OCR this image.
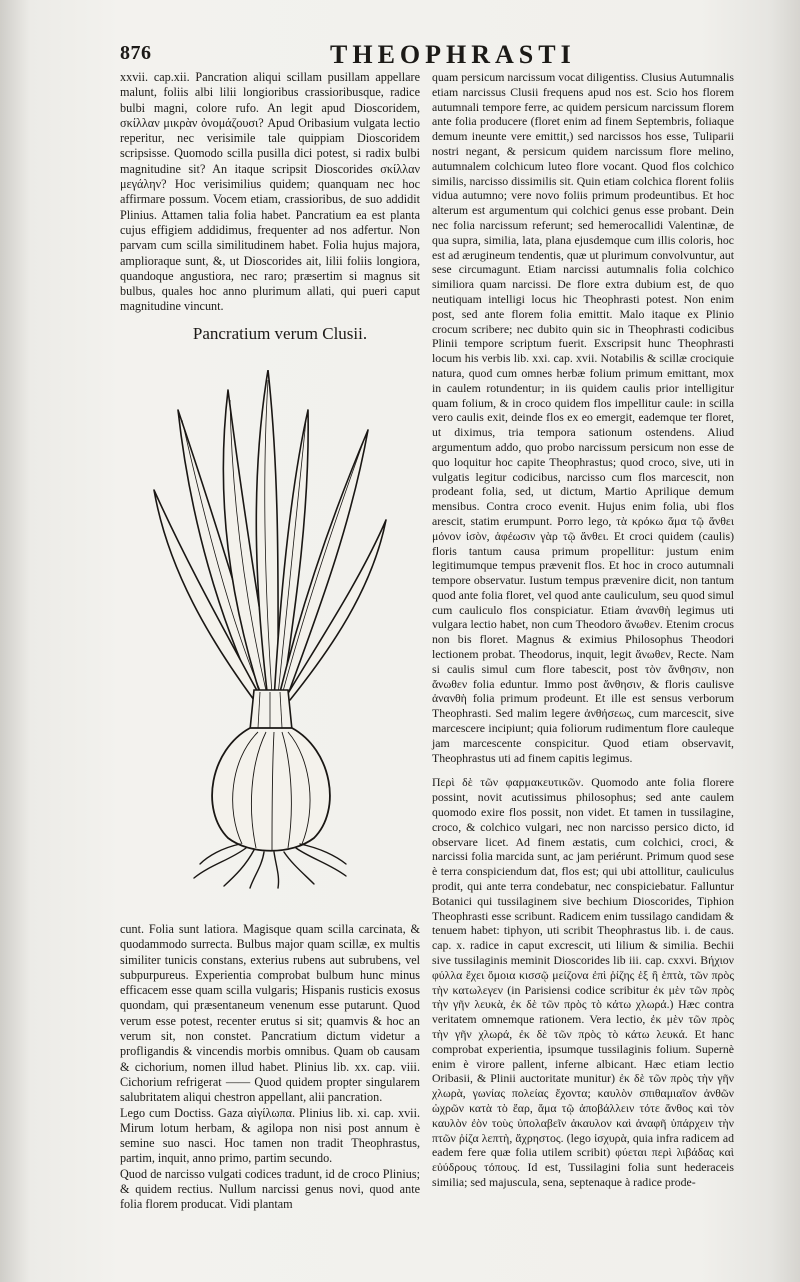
876	THEOPHRASTI

xxvii. cap.xii. Pancration aliqui scillam pusillam appellare malunt, foliis albi lilii longioribus crassioribusque, radice bulbi magni, colore rufo. An legit apud Dioscoridem, σκίλλαν μικρὰν ὀνομάζουσι? Apud Oribasium vulgata lectio reperitur, nec verisimile tale quippiam Dioscoridem scripsisse. Quomodo scilla pusilla dici potest, si radix bulbi magnitudine sit? An itaque scripsit Dioscorides σκίλλαν μεγάλην? Hoc verisimilius quidem; quanquam nec hoc affirmare possum. Vocem etiam, crassioribus, de suo addidit Plinius. Attamen talia folia habet. Pancratium ea est planta cujus effigiem addidimus, frequenter ad nos adfertur. Non parvam cum scilla similitudinem habet. Folia hujus majora, amplioraque sunt, &, ut Dioscorides ait, lilii foliis longiora, quandoque angustiora, nec raro; præsertim si magnus sit bulbus, quales hoc anno plurimum allati, qui pueri caput magnitudine vincunt.

Pancratium verum Clusii.

cunt. Folia sunt latiora. Magisque quam scilla carcinata, & quodammodo surrecta. Bulbus major quam scillæ, ex multis similiter tunicis constans, exterius rubens aut subrubens, vel subpurpureus. Experientia comprobat bulbum hunc minus efficacem esse quam scilla vulgaris; Hispanis rusticis exosus quondam, qui præsentaneum venenum esse putarunt. Quod verum esse potest, recenter erutus si sit; quamvis & hoc an verum sit, non constet. Pancratium dictum videtur a profligandis & vincendis morbis omnibus. Quam ob causam & cichorium, nomen illud habet. Plinius lib. xx. cap. viii. Cichorium refrigerat —— Quod quidem propter singularem salubritatem aliqui chestron appellant, alii pancration.
Lego cum Doctiss. Gaza αἰγίλωπα. Plinius lib. xi. cap. xvii. Mirum lotum herbam, & agilopa non nisi post annum è semine suo nasci. Hoc tamen non tradit Theophrastus, partim, inquit, anno primo, partim secundo.
Quod de narcisso vulgati codices tradunt, id de croco Plinius; & quidem rectius. Nullum narcissi genus novi, quod ante folia florem producat. Vidi plantam

quam persicum narcissum vocat diligentiss. Clusius Autumnalis etiam narcissus Clusii frequens apud nos est. Scio hos florem autumnali tempore ferre, ac quidem persicum narcissum florem ante folia producere (floret enim ad finem Septembris, foliaque demum ineunte vere emittit,) sed narcissos hos esse, Tuliparii nostri negant, & persicum quidem narcissum flore melino, autumnalem colchicum luteo flore vocant. Quod flos colchico similis, narcisso dissimilis sit. Quin etiam colchica florent foliis vidua autumno; vere novo foliis primum prodeuntibus. Et hoc alterum est argumentum qui colchici genus esse probant. Dein nec folia narcissum referunt; sed hemerocallidi Valentinæ, de qua supra, similia, lata, plana ejusdemque cum illis coloris, hoc est ad ærugineum tendentis, quæ ut plurimum convolvuntur, aut sese circumagunt. Etiam narcissi autumnalis folia colchico similiora quam narcissi. De flore extra dubium est, de quo neutiquam intelligi locus hic Theophrasti potest. Non enim post, sed ante florem folia emittit. Malo itaque ex Plinio crocum scribere; nec dubito quin sic in Theophrasti codicibus Plinii tempore scriptum fuerit. Exscripsit hunc Theophrasti locum his verbis lib. xxi. cap. xvii. Notabilis & scillæ crociquie natura, quod cum omnes herbæ folium primum emittant, mox in caulem rotundentur; in iis quidem caulis prior intelligitur quam folium, & in croco quidem flos impellitur caule: in scilla vero caulis exit, deinde flos ex eo emergit, eademque ter floret, ut diximus, tria tempora sationum ostendens. Aliud argumentum addo, quo probo narcissum persicum non esse de quo loquitur hoc capite Theophrastus; quod croco, sive, uti in vulgatis legitur codicibus, narcisso cum flos marcescit, non prodeant folia, sed, ut dictum, Martio Aprilique demum mensibus. Contra croco evenit. Hujus enim folia, ubi flos arescit, statim erumpunt. Porro lego, τὰ κρόκω ἅμα τῷ ἄνθει μόνον ἰσὸν, ἀφέωσιν γὰρ τῷ ἄνθει. Et croci quidem (caulis) floris tantum causa primum propellitur: justum enim legitimumque tempus prævenit flos. Et hoc in croco autumnali tempore observatur. Iustum tempus prævenire dicit, non tantum quod ante folia floret, vel quod ante cauliculum, seu quod simul cum cauliculo flos conspiciatur. Etiam ἀνανθὴ legimus uti vulgara lectio habet, non cum Theodoro ἄνωθεν. Etenim crocus non bis floret. Magnus & eximius Philosophus Theodori lectionem probat. Theodorus, inquit, legit ἄνωθεν, Recte. Nam si caulis simul cum flore tabescit, post τὸν ἄνθησιν, non ἄνωθεν folia eduntur. Immo post ἄνθησιν, & floris caulisve ἀνανθὴ folia primum prodeunt. Et ille est sensus verborum Theophrasti. Sed malim legere ἀνθήσεως, cum marcescit, sive marcescere incipiunt; quia foliorum rudimentum flore cauleque jam marcescente conspicitur. Quod etiam observavit, Theophrastus uti ad finem capitis legimus.

Περὶ δὲ τῶν φαρμακευτικῶν. Quomodo ante folia florere possint, novit acutissimus philosophus; sed ante caulem quomodo exire flos possit, non videt. Et tamen in tussilagine, croco, & colchico vulgari, nec non narcisso persico dicto, id observare licet. Ad finem æstatis, cum colchici, croci, & narcissi folia marcida sunt, ac jam periérunt. Primum quod sese è terra conspiciendum dat, flos est; qui ubi attollitur, cauliculus prodit, qui ante terra condebatur, nec conspiciebatur. Falluntur Botanici qui tussilaginem sive bechium Dioscorides, Tiphion Theophrasti esse scribunt. Radicem enim tussilago candidam & tenuem habet: tiphyon, uti scribit Theophrastus lib. i. de caus. cap. x. radice in caput excrescit, uti lilium & similia. Bechii sive tussilaginis meminit Dioscorides lib iii. cap. cxxvi. Βήχιον φύλλα ἔχει ὅμοια κισσῷ μείζονα ἐπὶ ῥίζης ἑξ ἢ ἑπτὰ, τῶν πρὸς τὴν κατωλεγεν (in Parisiensi codice scribitur ἐκ μὲν τῶν πρὸς τὴν γῆν λευκὰ, ἐκ δὲ τῶν πρὸς τὸ κάτω χλωρά.) Hæc contra veritatem omnemque rationem. Vera lectio, ἐκ μὲν τῶν πρὸς τὴν γῆν χλωρά, ἐκ δὲ τῶν πρὸς τὸ κάτω λευκά. Et hanc comprobat experientia, ipsumque tussilaginis folium. Supernè enim è virore pallent, inferne albicant. Hæc etiam lectio Oribasii, & Plinii auctoritate munitur) ἐκ δὲ τῶν πρὸς τὴν γῆν χλωρὰ, γωνίας πολείας ἔχοντα; καυλὸν σπιθαμιαῖον ἀνθῶν ὠχρῶν κατὰ τὸ ἔαρ, ἅμα τῷ ἀποβάλλειν τότε ἄνθος καὶ τὸν καυλὸν ἐὸν τοὺς ὑπολαβεῖν ἀκαυλον καὶ ἀναφῆ ὑπάρχειν τὴν πτῶν ῥίζα λεπτὴ, ἄχρηστος. (lego ἰσχυρὰ, quia infra radicem ad eadem fere quæ folia utilem scribit) φύεται περὶ λιβάδας καὶ εὐύδρους τόπους. Id est, Tussilagini folia sunt hederaceis similia; sed majuscula, sena, septenaque à radice prode-
